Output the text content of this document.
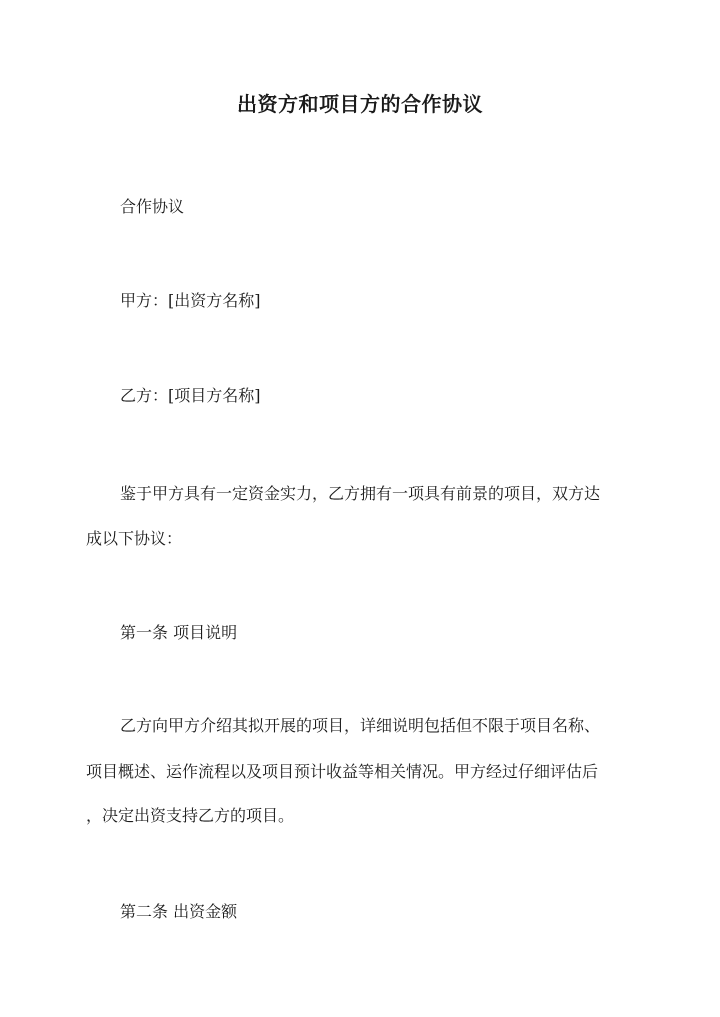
出资方和项目方的合作协议
合作协议
甲方：[出资方名称]
乙方：[项目方名称]
鉴于甲方具有一定资金实力，乙方拥有一项具有前景的项目，双方达
成以下协议：
第一条 项目说明
乙方向甲方介绍其拟开展的项目，详细说明包括但不限于项目名称、
项目概述、运作流程以及项目预计收益等相关情况。甲方经过仔细评估后
，决定出资支持乙方的项目。
第二条 出资金额
